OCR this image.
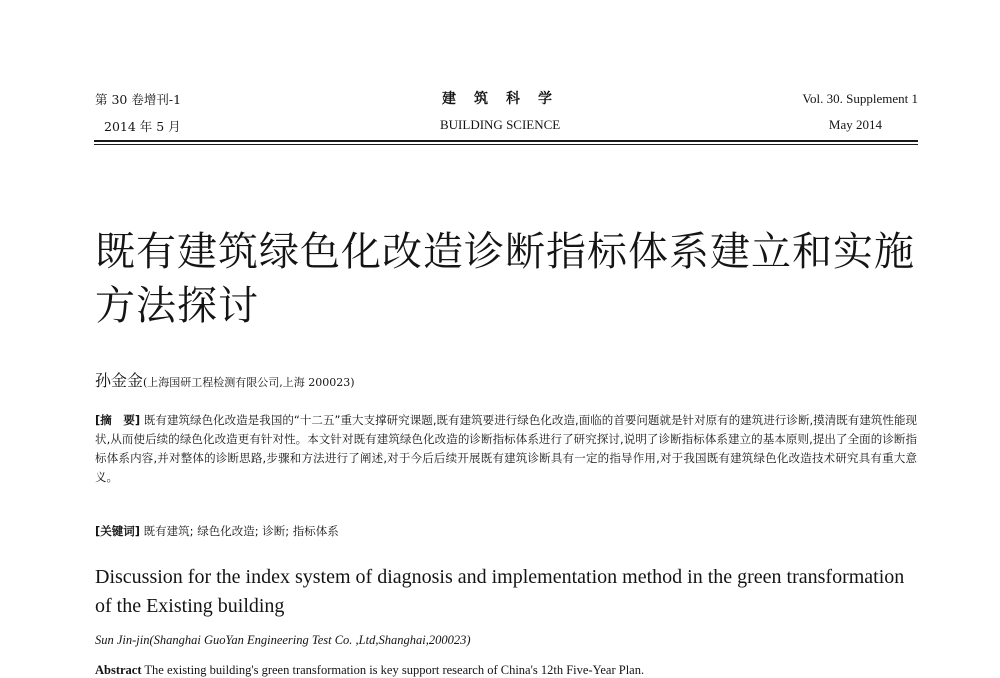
第 30 卷增刊-1
2014 年 5 月
建筑科学
BUILDING SCIENCE
Vol. 30. Supplement 1
May 2014
既有建筑绿色化改造诊断指标体系建立和实施方法探讨
孙金金(上海国研工程检测有限公司,上海 200023)
[摘　要] 既有建筑绿色化改造是我国的“十二五”重大支撑研究课题,既有建筑要进行绿色化改造,面临的首要问题就是针对原有的建筑进行诊断,摸清既有建筑性能现状,从而使后续的绿色化改造更有针对性。本文针对既有建筑绿色化改造的诊断指标体系进行了研究探讨,说明了诊断指标体系建立的基本原则,提出了全面的诊断指标体系内容,并对整体的诊断思路,步骤和方法进行了阐述,对于今后后续开展既有建筑诊断具有一定的指导作用,对于我国既有建筑绿色化改造技术研究具有重大意义。
[关键词] 既有建筑; 绿色化改造; 诊断; 指标体系
Discussion for the index system of diagnosis and implementation method in the green transformation of the Existing building
Sun Jin-jin(Shanghai GuoYan Engineering Test Co. ,Ltd,Shanghai,200023)
Abstract The existing building's green transformation is key support research of China's 12th Five-Year Plan.
